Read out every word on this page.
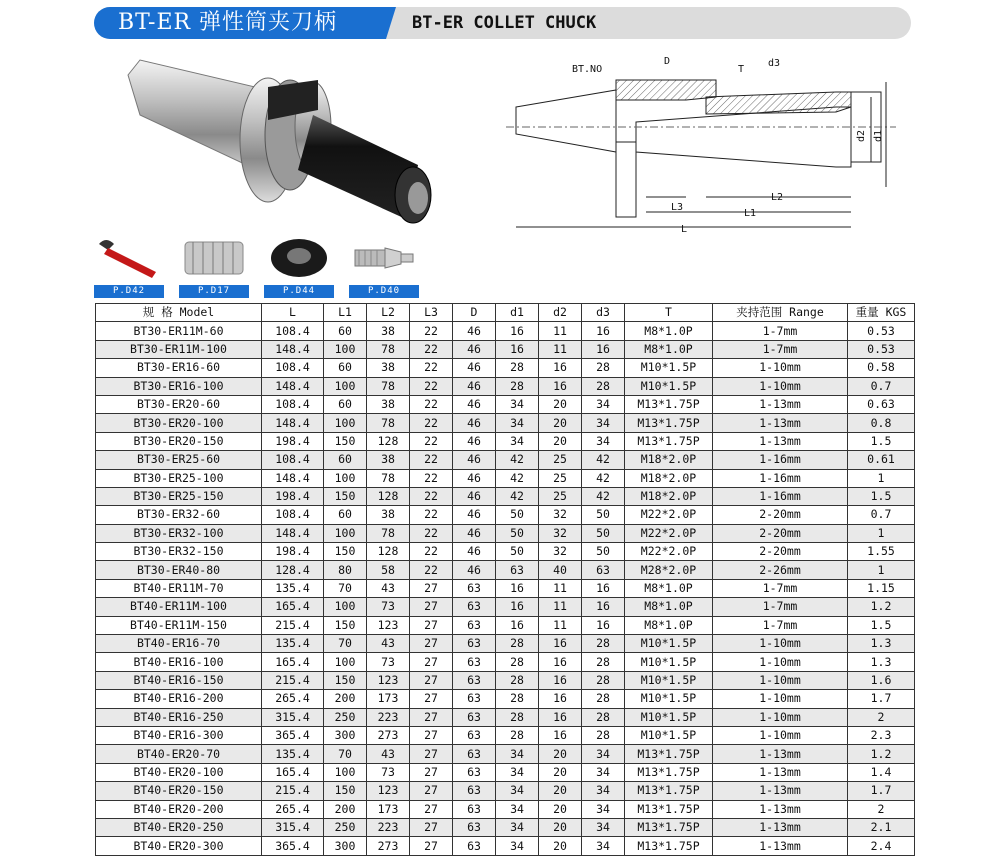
BT-ER 弹性筒夹刀柄	BT-ER COLLET CHUCK
P.D42	P.D17	P.D44	P.D40
BT.NO
D
T
d3
d2 d1
L3
L2
L1
L
规 格 Model	L	L1	L2	L3	D	d1	d2	d3	T	夹持范围 Range	重量 KGS
BT30-ER11M-60	108.4	60	38	22	46	16	11	16	M8*1.0P	1-7mm	0.53
BT30-ER11M-100	148.4	100	78	22	46	16	11	16	M8*1.0P	1-7mm	0.53
BT30-ER16-60	108.4	60	38	22	46	28	16	28	M10*1.5P	1-10mm	0.58
BT30-ER16-100	148.4	100	78	22	46	28	16	28	M10*1.5P	1-10mm	0.7
BT30-ER20-60	108.4	60	38	22	46	34	20	34	M13*1.75P	1-13mm	0.63
BT30-ER20-100	148.4	100	78	22	46	34	20	34	M13*1.75P	1-13mm	0.8
BT30-ER20-150	198.4	150	128	22	46	34	20	34	M13*1.75P	1-13mm	1.5
BT30-ER25-60	108.4	60	38	22	46	42	25	42	M18*2.0P	1-16mm	0.61
BT30-ER25-100	148.4	100	78	22	46	42	25	42	M18*2.0P	1-16mm	1
BT30-ER25-150	198.4	150	128	22	46	42	25	42	M18*2.0P	1-16mm	1.5
BT30-ER32-60	108.4	60	38	22	46	50	32	50	M22*2.0P	2-20mm	0.7
BT30-ER32-100	148.4	100	78	22	46	50	32	50	M22*2.0P	2-20mm	1
BT30-ER32-150	198.4	150	128	22	46	50	32	50	M22*2.0P	2-20mm	1.55
BT30-ER40-80	128.4	80	58	22	46	63	40	63	M28*2.0P	2-26mm	1
BT40-ER11M-70	135.4	70	43	27	63	16	11	16	M8*1.0P	1-7mm	1.15
BT40-ER11M-100	165.4	100	73	27	63	16	11	16	M8*1.0P	1-7mm	1.2
BT40-ER11M-150	215.4	150	123	27	63	16	11	16	M8*1.0P	1-7mm	1.5
BT40-ER16-70	135.4	70	43	27	63	28	16	28	M10*1.5P	1-10mm	1.3
BT40-ER16-100	165.4	100	73	27	63	28	16	28	M10*1.5P	1-10mm	1.3
BT40-ER16-150	215.4	150	123	27	63	28	16	28	M10*1.5P	1-10mm	1.6
BT40-ER16-200	265.4	200	173	27	63	28	16	28	M10*1.5P	1-10mm	1.7
BT40-ER16-250	315.4	250	223	27	63	28	16	28	M10*1.5P	1-10mm	2
BT40-ER16-300	365.4	300	273	27	63	28	16	28	M10*1.5P	1-10mm	2.3
BT40-ER20-70	135.4	70	43	27	63	34	20	34	M13*1.75P	1-13mm	1.2
BT40-ER20-100	165.4	100	73	27	63	34	20	34	M13*1.75P	1-13mm	1.4
BT40-ER20-150	215.4	150	123	27	63	34	20	34	M13*1.75P	1-13mm	1.7
BT40-ER20-200	265.4	200	173	27	63	34	20	34	M13*1.75P	1-13mm	2
BT40-ER20-250	315.4	250	223	27	63	34	20	34	M13*1.75P	1-13mm	2.1
BT40-ER20-300	365.4	300	273	27	63	34	20	34	M13*1.75P	1-13mm	2.4
